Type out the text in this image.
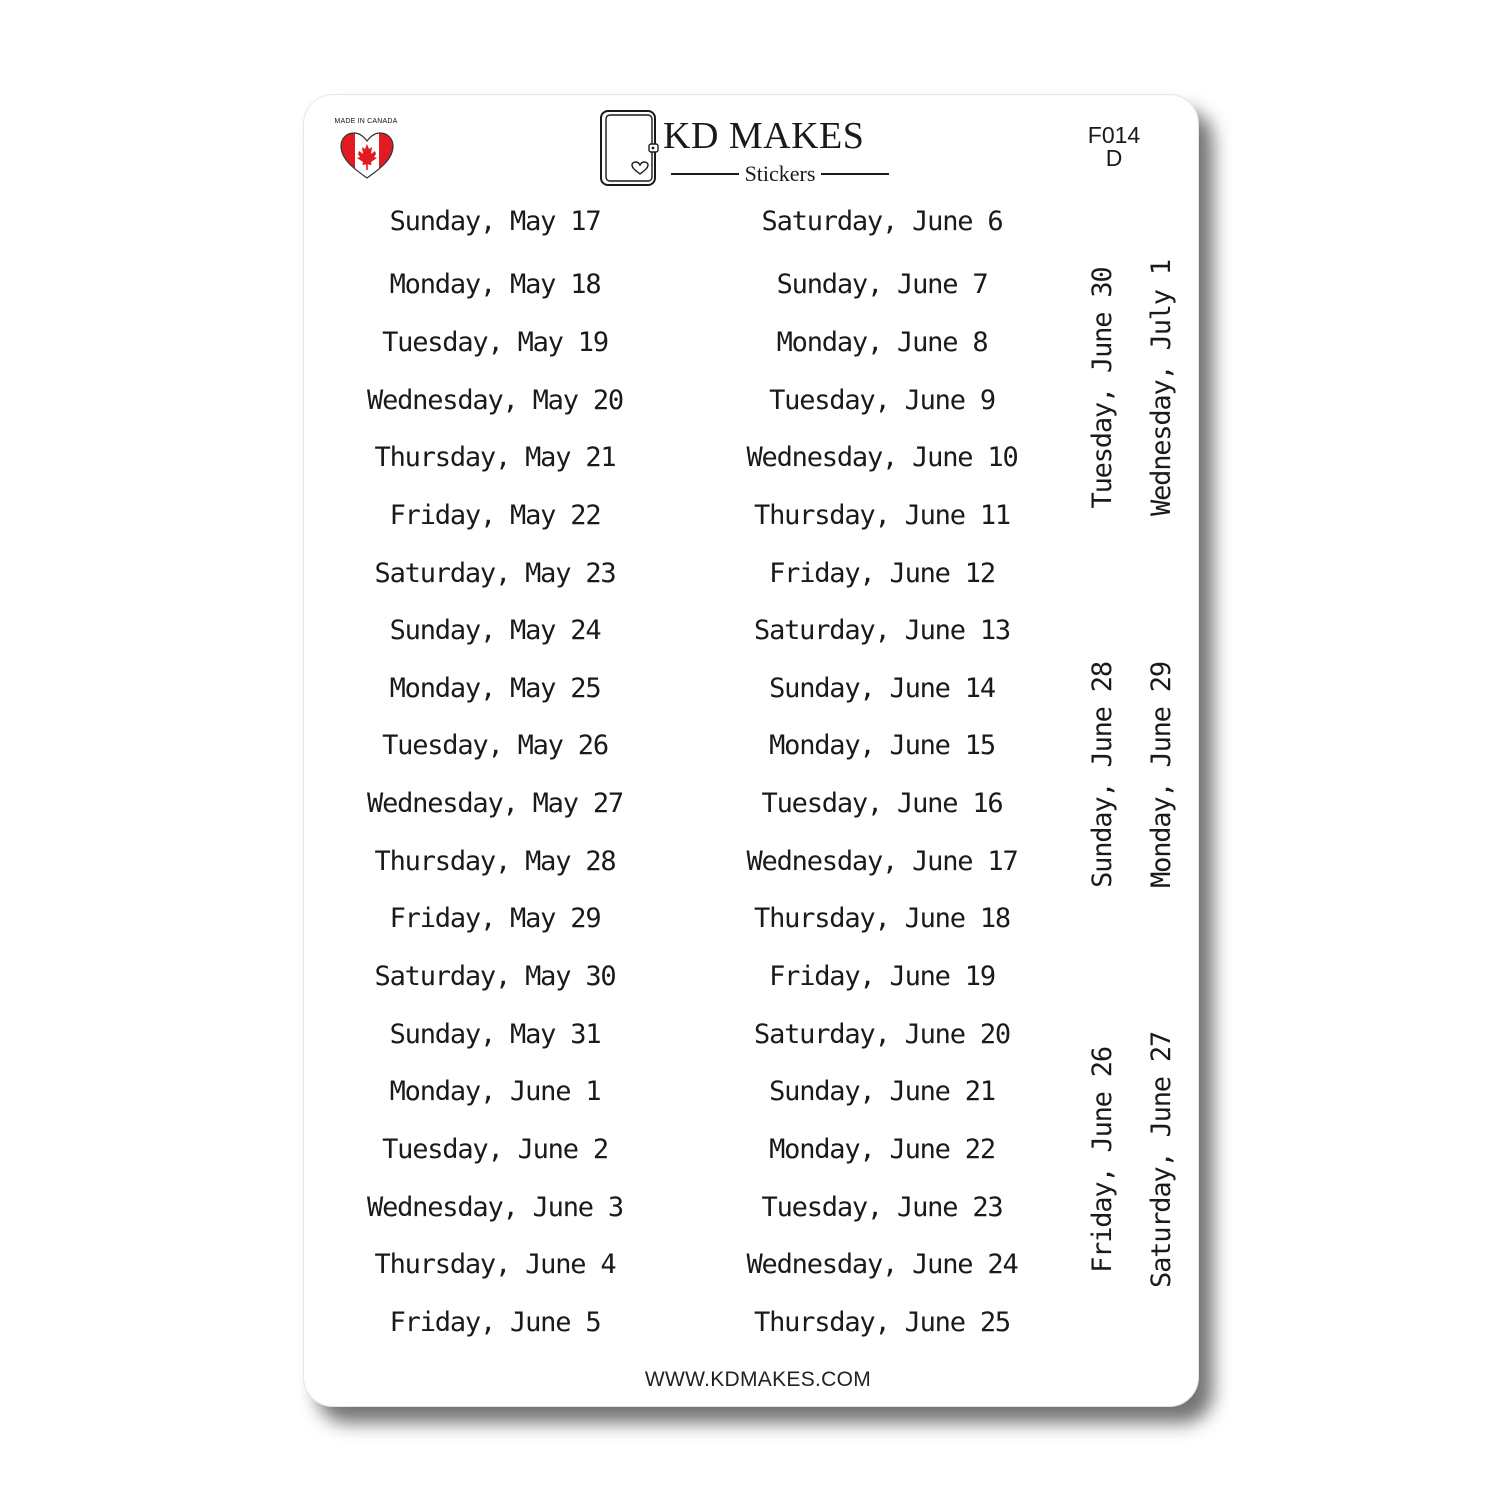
MADE IN CANADA	KD MAKES
Stickers
F014
D
Sunday, May 17
Monday, May 18
Tuesday, May 19
Wednesday, May 20
Thursday, May 21
Friday, May 22
Saturday, May 23
Sunday, May 24
Monday, May 25
Tuesday, May 26
Wednesday, May 27
Thursday, May 28
Friday, May 29
Saturday, May 30
Sunday, May 31
Monday, June 1
Tuesday, June 2
Wednesday, June 3
Thursday, June 4
Friday, June 5
Saturday, June 6
Sunday, June 7
Monday, June 8
Tuesday, June 9
Wednesday, June 10
Thursday, June 11
Friday, June 12
Saturday, June 13
Sunday, June 14
Monday, June 15
Tuesday, June 16
Wednesday, June 17
Thursday, June 18
Friday, June 19
Saturday, June 20
Sunday, June 21
Monday, June 22
Tuesday, June 23
Wednesday, June 24
Thursday, June 25
Tuesday, June 30 Wednesday, July 1
Sunday, June 28 Monday, June 29
Friday, June 26 Saturday, June 27
WWW.KDMAKES.COM
